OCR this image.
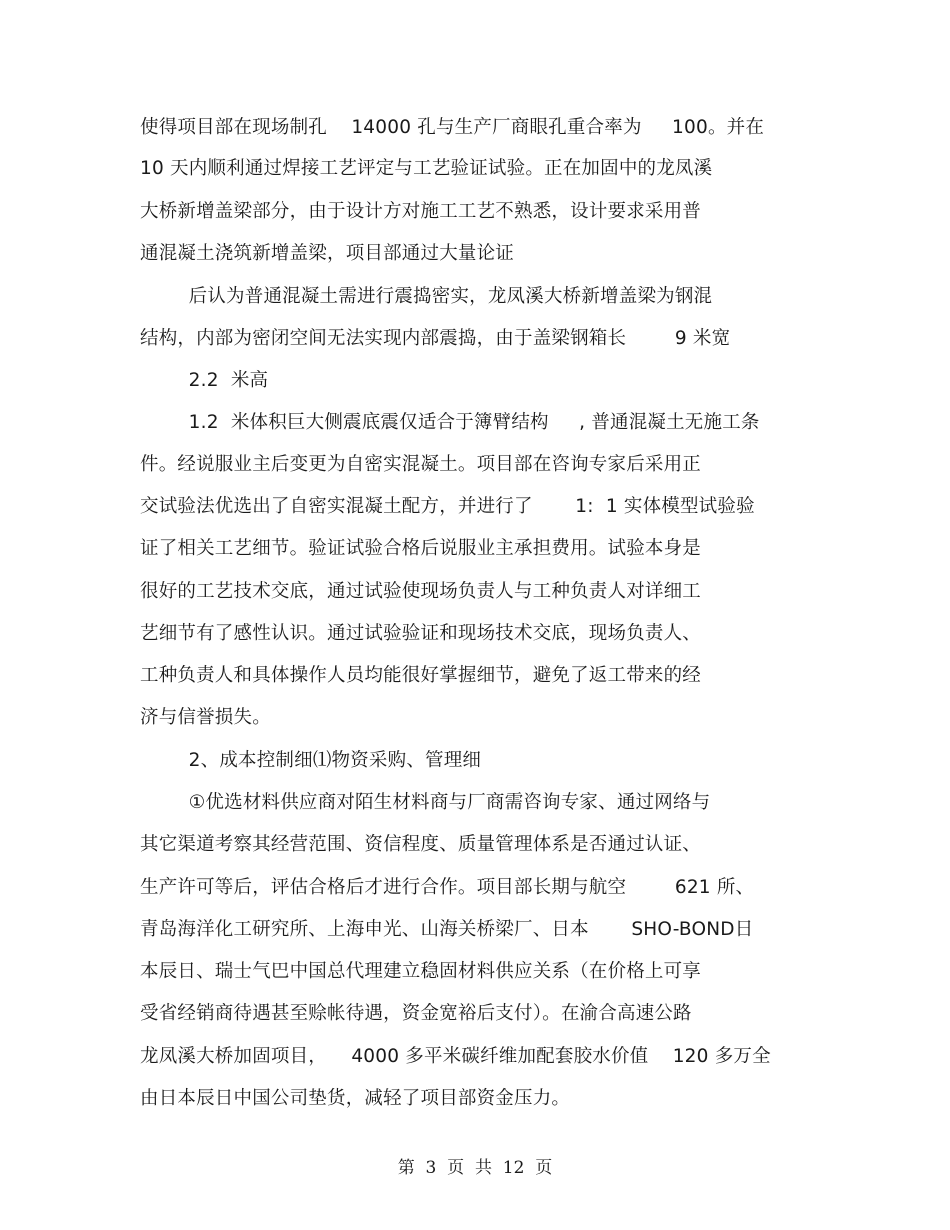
使得项目部在现场制孔    14000 孔与生产厂商眼孔重合率为     100。并在
10 天内顺利通过焊接工艺评定与工艺验证试验。正在加固中的龙凤溪
大桥新增盖梁部分，由于设计方对施工工艺不熟悉，设计要求采用普
通混凝土浇筑新增盖梁，项目部通过大量论证
后认为普通混凝土需进行震捣密实，龙凤溪大桥新增盖梁为钢混
结构，内部为密闭空间无法实现内部震捣，由于盖梁钢箱长        9 米宽
2.2  米高
1.2  米体积巨大侧震底震仅适合于簿臂结构     , 普通混凝土无施工条
件。经说服业主后变更为自密实混凝土。项目部在咨询专家后采用正
交试验法优选出了自密实混凝土配方，并进行了       1:  1 实体模型试验验
证了相关工艺细节。验证试验合格后说服业主承担费用。试验本身是
很好的工艺技术交底，通过试验使现场负责人与工种负责人对详细工
艺细节有了感性认识。通过试验验证和现场技术交底，现场负责人、
工种负责人和具体操作人员均能很好掌握细节，避免了返工带来的经
济与信誉损失。
2、成本控制细⑴物资采购、管理细
①优选材料供应商对陌生材料商与厂商需咨询专家、通过网络与
其它渠道考察其经营范围、资信程度、质量管理体系是否通过认证、
生产许可等后，评估合格后才进行合作。项目部长期与航空        621 所、
青岛海洋化工研究所、上海申光、山海关桥梁厂、日本       SHO-BOND日
本辰日、瑞士气巴中国总代理建立稳固材料供应关系（在价格上可享
受省经销商待遇甚至赊帐待遇，资金宽裕后支付）。在渝合高速公路
龙凤溪大桥加固项目，    4000 多平米碳纤维加配套胶水价值    120 多万全
由日本辰日中国公司垫货，减轻了项目部资金压力。
第  3  页  共  12  页
